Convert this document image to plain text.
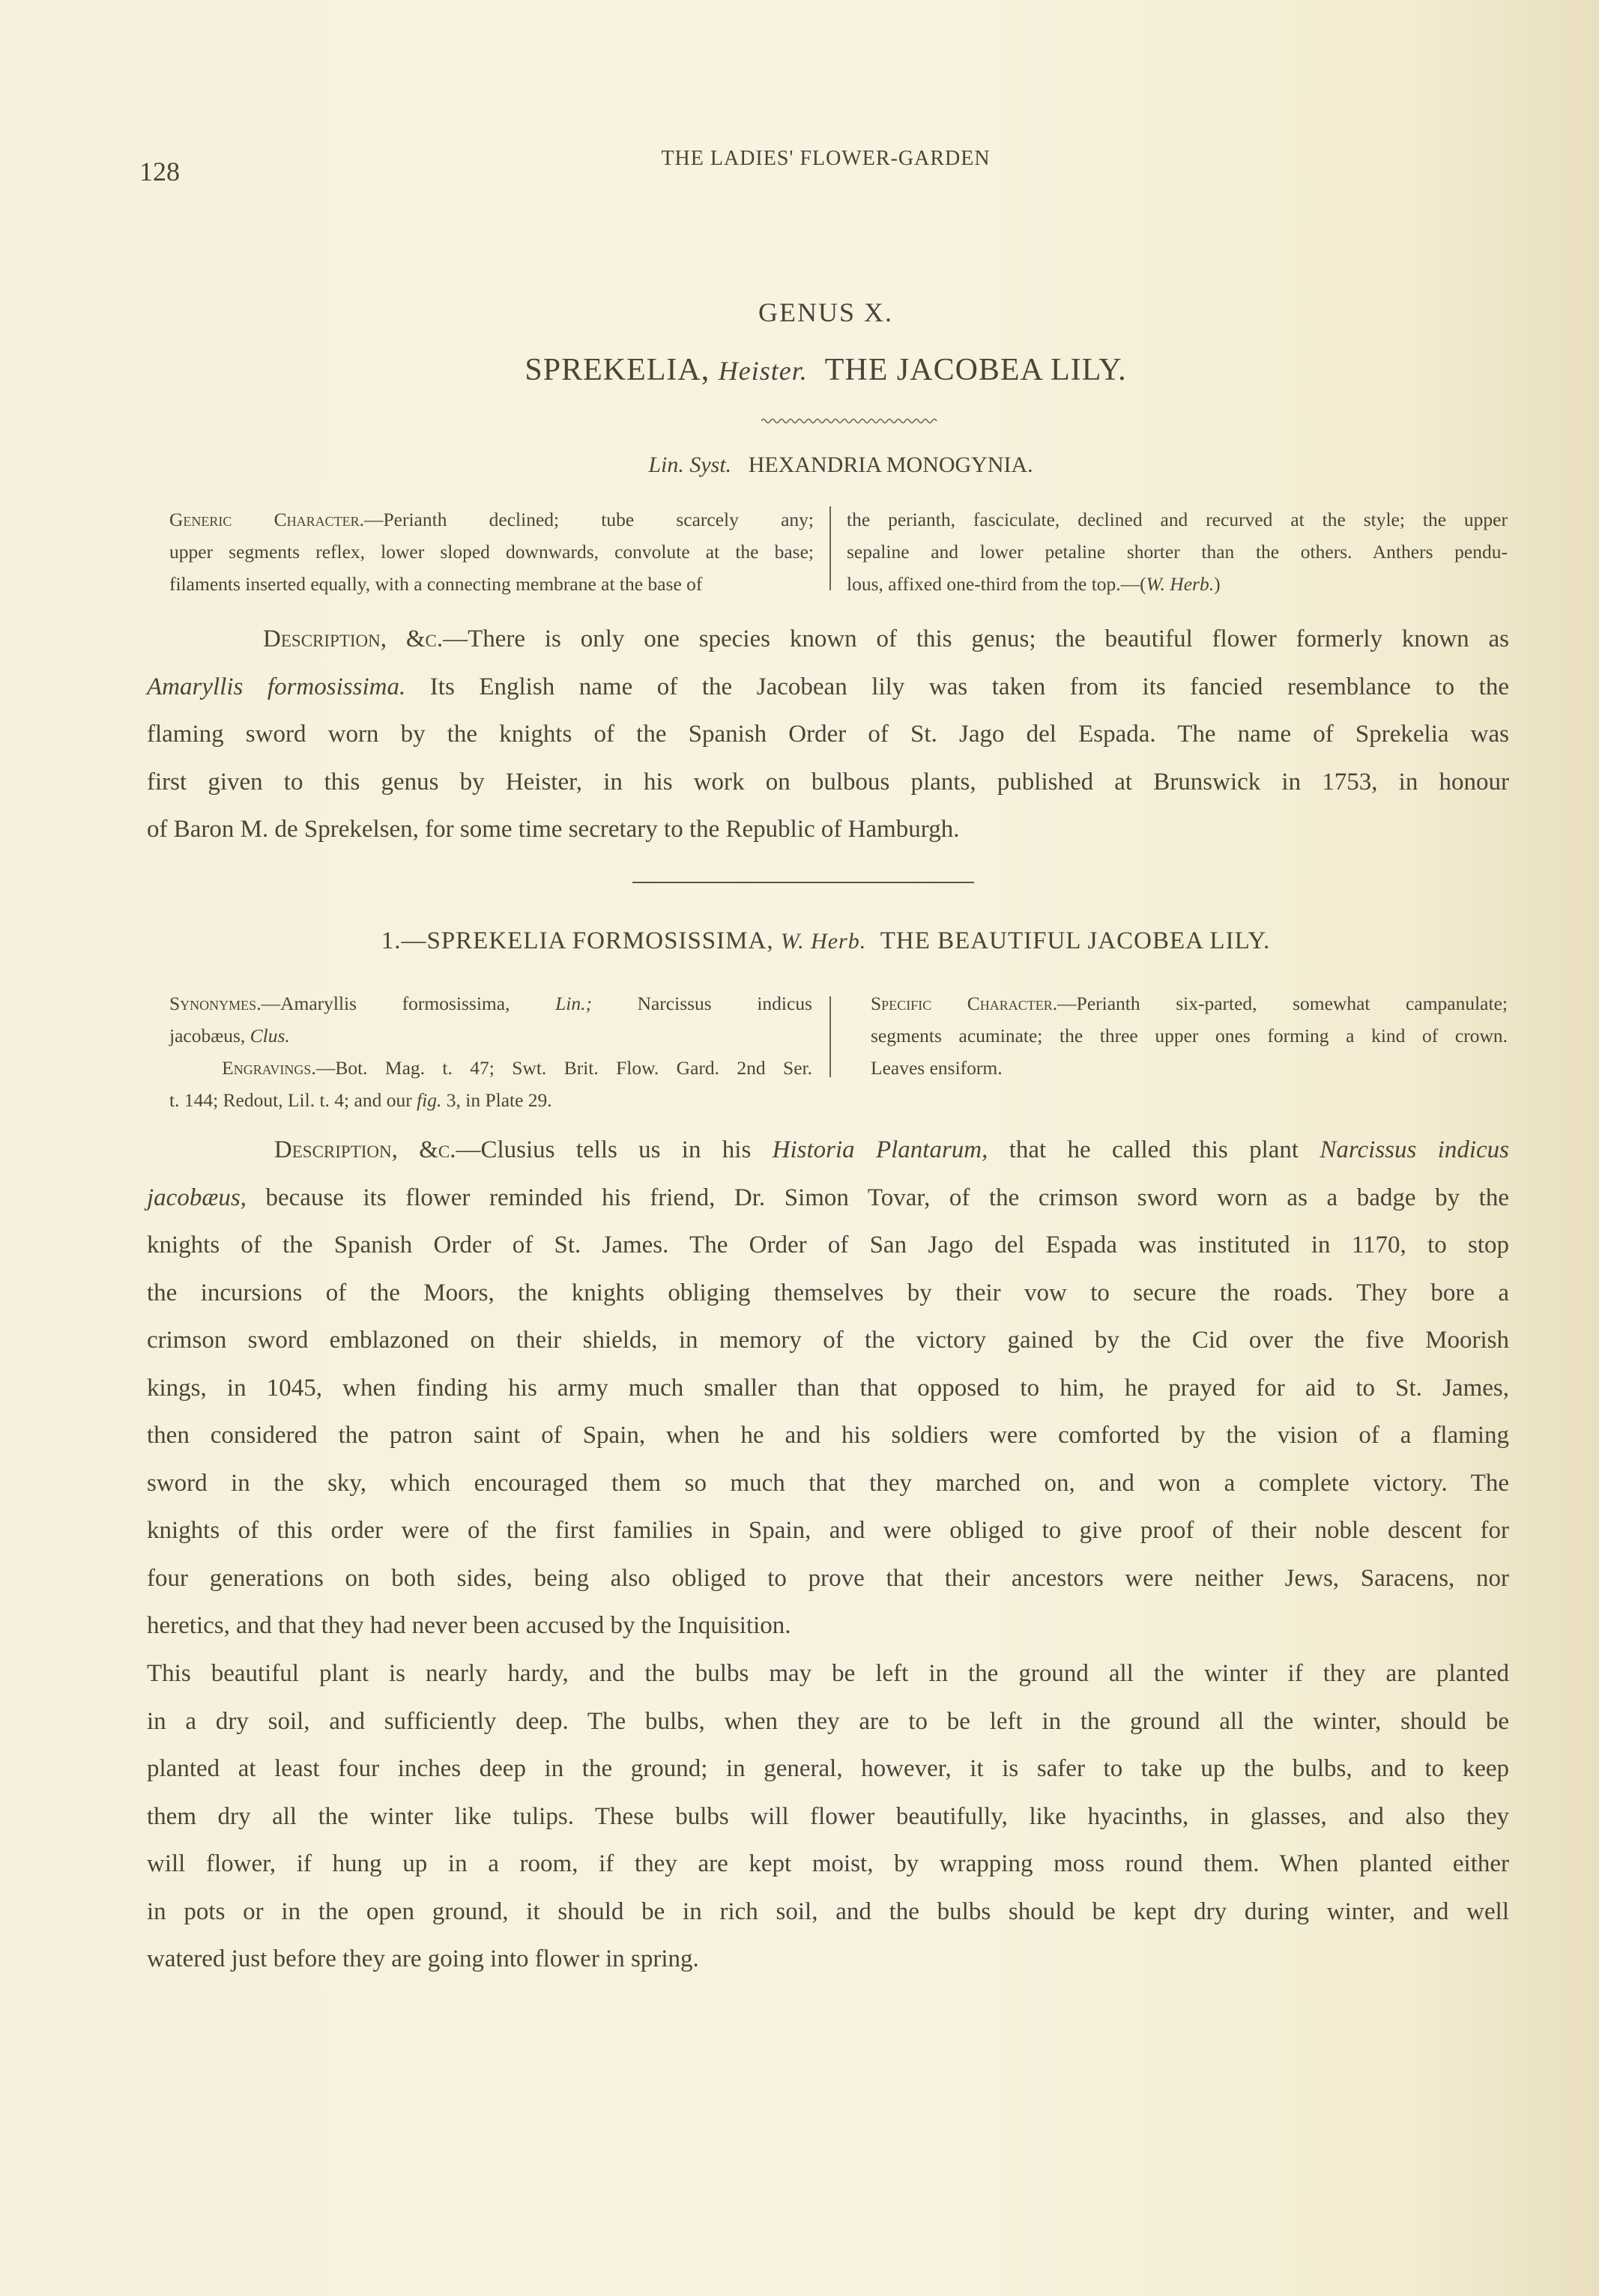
128	THE LADIES' FLOWER-GARDEN
GENUS X.
SPREKELIA, Heister. THE JACOBEA LILY.
Lin. Syst. HEXANDRIA MONOGYNIA.
Generic Character.—Perianth declined; tube scarcely any;
upper segments reflex, lower sloped downwards, convolute at the base;
filaments inserted equally, with a connecting membrane at the base of
the perianth, fasciculate, declined and recurved at the style; the upper
sepaline and lower petaline shorter than the others. Anthers pendu-
lous, affixed one-third from the top.—(W. Herb.)
Description, &c.—There is only one species known of this genus; the beautiful flower formerly known as
Amaryllis formosissima. Its English name of the Jacobean lily was taken from its fancied resemblance to the
flaming sword worn by the knights of the Spanish Order of St. Jago del Espada. The name of Sprekelia was
first given to this genus by Heister, in his work on bulbous plants, published at Brunswick in 1753, in honour
of Baron M. de Sprekelsen, for some time secretary to the Republic of Hamburgh.
1.—SPREKELIA FORMOSISSIMA, W. Herb. THE BEAUTIFUL JACOBEA LILY.
Synonymes.—Amaryllis formosissima, Lin.; Narcissus indicus
jacobæus, Clus.
Engravings.—Bot. Mag. t. 47; Swt. Brit. Flow. Gard. 2nd Ser.
t. 144; Redout, Lil. t. 4; and our fig. 3, in Plate 29.
Specific Character.—Perianth six-parted, somewhat campanulate;
segments acuminate; the three upper ones forming a kind of crown.
Leaves ensiform.
Description, &c.—Clusius tells us in his Historia Plantarum, that he called this plant Narcissus indicus
jacobæus, because its flower reminded his friend, Dr. Simon Tovar, of the crimson sword worn as a badge by the
knights of the Spanish Order of St. James. The Order of San Jago del Espada was instituted in 1170, to stop
the incursions of the Moors, the knights obliging themselves by their vow to secure the roads. They bore a
crimson sword emblazoned on their shields, in memory of the victory gained by the Cid over the five Moorish
kings, in 1045, when finding his army much smaller than that opposed to him, he prayed for aid to St. James,
then considered the patron saint of Spain, when he and his soldiers were comforted by the vision of a flaming
sword in the sky, which encouraged them so much that they marched on, and won a complete victory. The
knights of this order were of the first families in Spain, and were obliged to give proof of their noble descent for
four generations on both sides, being also obliged to prove that their ancestors were neither Jews, Saracens, nor
heretics, and that they had never been accused by the Inquisition.
This beautiful plant is nearly hardy, and the bulbs may be left in the ground all the winter if they are planted
in a dry soil, and sufficiently deep. The bulbs, when they are to be left in the ground all the winter, should be
planted at least four inches deep in the ground; in general, however, it is safer to take up the bulbs, and to keep
them dry all the winter like tulips. These bulbs will flower beautifully, like hyacinths, in glasses, and also they
will flower, if hung up in a room, if they are kept moist, by wrapping moss round them. When planted either
in pots or in the open ground, it should be in rich soil, and the bulbs should be kept dry during winter, and well
watered just before they are going into flower in spring.
